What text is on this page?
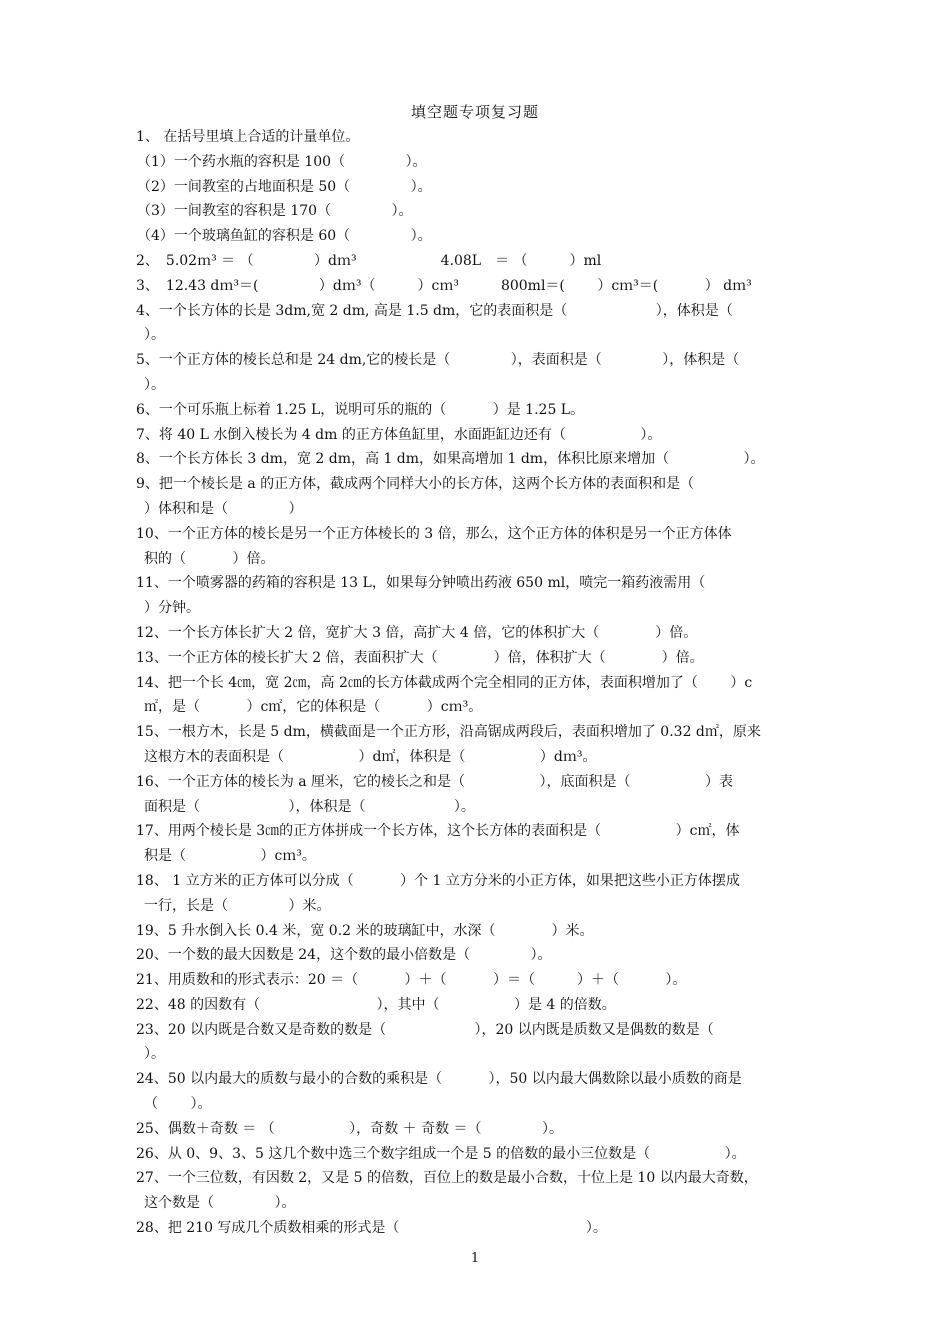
填空题专项复习题
1、 在括号里填上合适的计量单位。
（1）一个药水瓶的容积是 100（　　　　 ）。
（2）一间教室的占地面积是 50（　　　　 ）。
（3）一间教室的容积是 170（　　　　 ）。
（4）一个玻璃鱼缸的容积是 60（　　　　 ）。
2、　5.02ｍ³ ＝ （　　　　 ）dｍ³　　　　　　4.08L　＝ （　　　）ml
3、　12.43 dｍ³＝(　　　　 ）dｍ³（　　　）cｍ³　　　800ml＝(　　 ）cｍ³＝(　　　 ） dｍ³
4、一个长方体的长是 3dm,宽 2 dm, 高是 1.5 dm，它的表面积是（　　　　　　 ），体积是（
）。
5、一个正方体的棱长总和是 24 dm,它的棱长是（　　　　 ），表面积是（　　　　 ），体积是（
）。
6、一个可乐瓶上标着 1.25 L，说明可乐的瓶的（　　　 ）是 1.25 L。
7、将 40 L 水倒入棱长为 4 dm 的正方体鱼缸里，水面距缸边还有（　　　　　 ）。
8、一个长方体长 3 dm，宽 2 dm，高 1 dm，如果高增加 1 dm，体积比原来增加（　　　　　 ）。
9、把一个棱长是 a 的正方体，截成两个同样大小的长方体，这两个长方体的表面积和是（
）体积和是（　　　　 ）
10、一个正方体的棱长是另一个正方体棱长的 3 倍，那么，这个正方体的体积是另一个正方体体
积的（　　　 ）倍。
11、一个喷雾器的药箱的容积是 13 L，如果每分钟喷出药液 650 ml，喷完一箱药液需用（
）分钟。
12、一个长方体长扩大 2 倍，宽扩大 3 倍，高扩大 4 倍，它的体积扩大（　　　　）倍。
13、一个正方体的棱长扩大 2 倍，表面积扩大（　　　　）倍，体积扩大（　　　　）倍。
14、把一个长 4㎝，宽 2㎝，高 2㎝的长方体截成两个完全相同的正方体，表面积增加了（　　 ）c
㎡，是（　　　 ）c㎡，它的体积是（　　　 ）cｍ³。
15、一根方木，长是 5 dm，横截面是一个正方形，沿高锯成两段后，表面积增加了 0.32 d㎡，原来
这根方木的表面积是（　　　　　 ）d㎡，体积是（　　　　　 ）dｍ³。
16、一个正方体的棱长为 a 厘米，它的棱长之和是（　　　　　 ），底面积是（　　　　　 ）表
面积是（　　　　　　 ），体积是（　　　　　　 ）。
17、用两个棱长是 3㎝的正方体拼成一个长方体，这个长方体的表面积是（　　　　　 ）c㎡，体
积是（　　　　　 ）cｍ³。
18、 1 立方米的正方体可以分成（　　　 ）个 1 立方分米的小正方体，如果把这些小正方体摆成
一行，长是（　　　　 ）米。
19、5 升水倒入长 0.4 米，宽 0.2 米的玻璃缸中，水深（　　　　）米。
20、一个数的最大因数是 24，这个数的最小倍数是（　　　　 ）。
21、用质数和的形式表示：20 ＝（　　　 ）＋（　　　 ）＝（　　　）＋（　　　 ）。
22、48 的因数有（　　　　　　　　 ），其中（　　　　　 ）是 4 的倍数。
23、20 以内既是合数又是奇数的数是（　　　　　　 ），20 以内既是质数又是偶数的数是（
）。
24、50 以内最大的质数与最小的合数的乘积是（　　　 ），50 以内最大偶数除以最小质数的商是
（　　 ）。
25、偶数＋奇数 ＝ （　　　　　 ），奇数 ＋ 奇数 ＝（　　　　 ）。
26、从 0、9、3、5 这几个数中选三个数字组成一个是 5 的倍数的最小三位数是（　　　　　 ）。
27、一个三位数，有因数 2，又是 5 的倍数，百位上的数是最小合数，十位上是 10 以内最大奇数，
这个数是（　　　　 ）。
28、把 210 写成几个质数相乘的形式是（　　　　　　　　　　　　　 ）。
1
